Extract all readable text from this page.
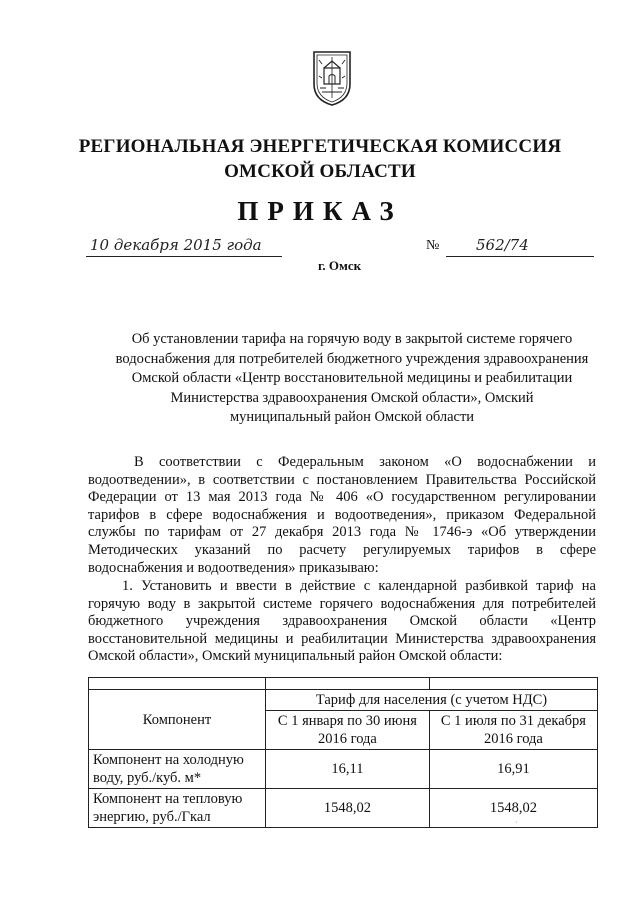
РЕГИОНАЛЬНАЯ ЭНЕРГЕТИЧЕСКАЯ КОМИССИЯ
ОМСКОЙ ОБЛАСТИ
ПРИКАЗ
10 декабря 2015 года	№ 562/74
г. Омск
Об установлении тарифа на горячую воду в закрытой системе горячего
водоснабжения для потребителей бюджетного учреждения здравоохранения
Омской области «Центр восстановительной медицины и реабилитации
Министерства здравоохранения Омской области», Омский
муниципальный район Омской области
В соответствии с Федеральным законом «О водоснабжении и водоотведении», в соответствии с постановлением Правительства Российской Федерации от 13 мая 2013 года № 406 «О государственном регулировании тарифов в сфере водоснабжения и водоотведения», приказом Федеральной службы по тарифам от 27 декабря 2013 года № 1746-э «Об утверждении Методических указаний по расчету регулируемых тарифов в сфере водоснабжения и водоотведения» приказываю:
1. Установить и ввести в действие с календарной разбивкой тариф на горячую воду в закрытой системе горячего водоснабжения для потребителей бюджетного учреждения здравоохранения Омской области «Центр восстановительной медицины и реабилитации Министерства здравоохранения Омской области», Омский муниципальный район Омской области:

Компонент	Тариф для населения (с учетом НДС)	
	С 1 января по 30 июня 2016 года	С 1 июля по 31 декабря 2016 года
Компонент на холодную воду, руб./куб. м*	16,11	16,91
Компонент на тепловую энергию, руб./Гкал	1548,02	1548,02
·
